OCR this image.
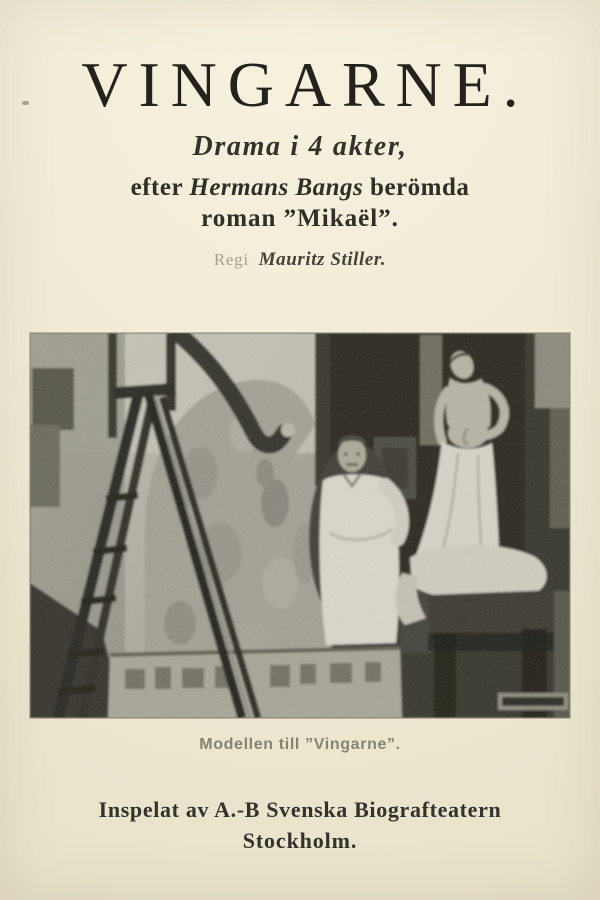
VINGARNE.

Drama i 4 akter,

efter Hermans Bangs berömda

roman ”Mikaël”.

Regi Mauritz Stiller.

Modellen till ”Vingarne”.

Inspelat av A.-B Svenska Biografteatern

Stockholm.
